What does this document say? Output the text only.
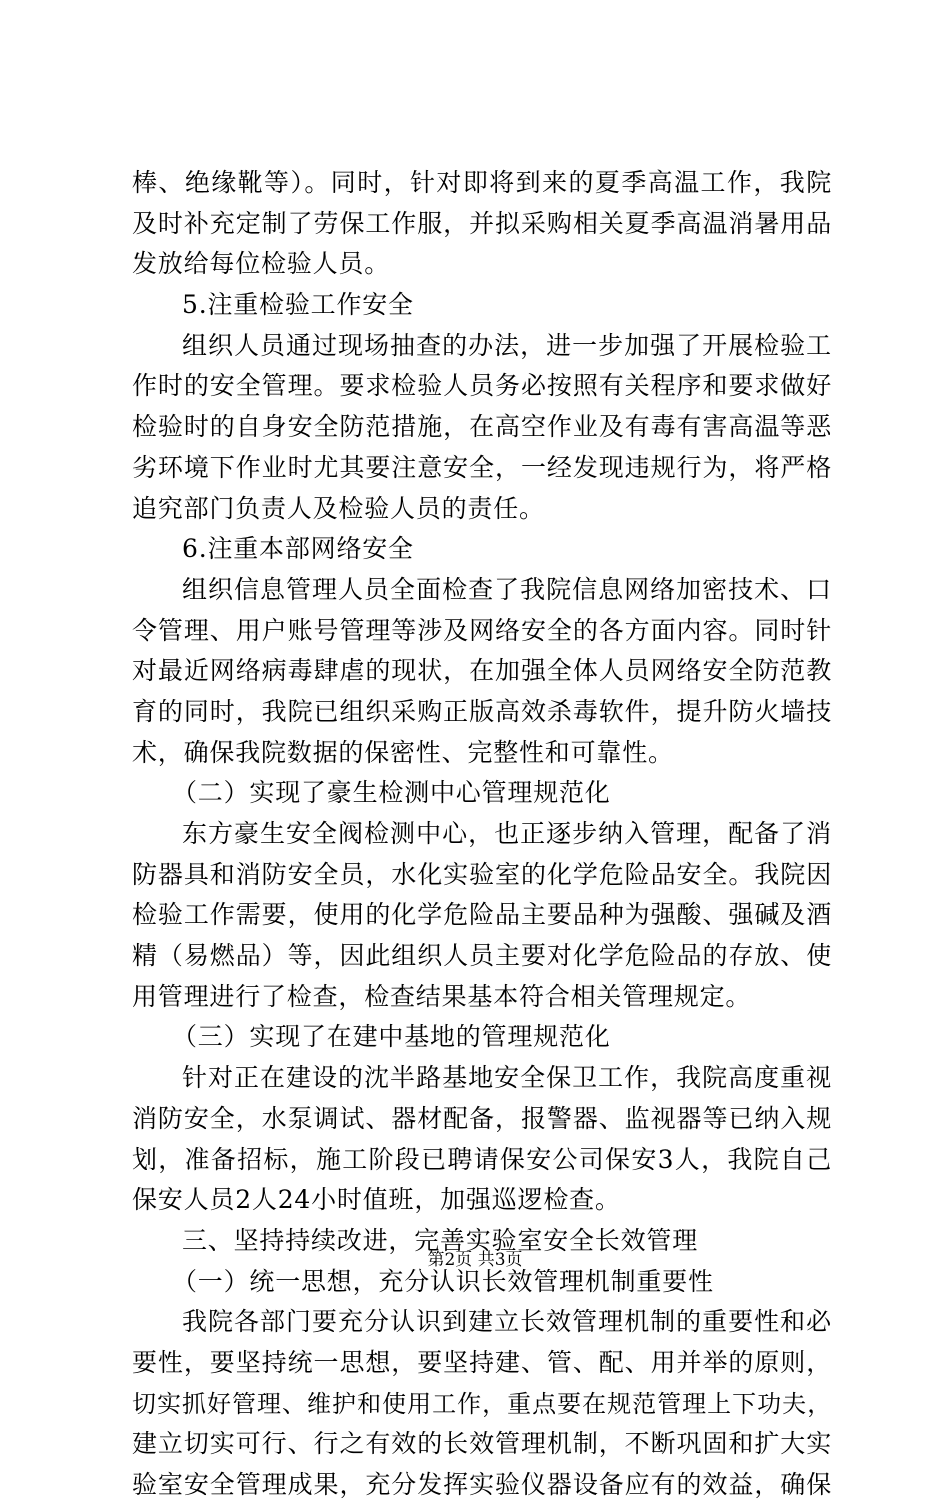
棒、绝缘靴等）。同时，针对即将到来的夏季高温工作，我院
及时补充定制了劳保工作服，并拟采购相关夏季高温消暑用品
发放给每位检验人员。
5.注重检验工作安全
组织人员通过现场抽查的办法，进一步加强了开展检验工
作时的安全管理。要求检验人员务必按照有关程序和要求做好
检验时的自身安全防范措施，在高空作业及有毒有害高温等恶
劣环境下作业时尤其要注意安全，一经发现违规行为，将严格
追究部门负责人及检验人员的责任。
6.注重本部网络安全
组织信息管理人员全面检查了我院信息网络加密技术、口
令管理、用户账号管理等涉及网络安全的各方面内容。同时针
对最近网络病毒肆虐的现状，在加强全体人员网络安全防范教
育的同时，我院已组织采购正版高效杀毒软件，提升防火墙技
术，确保我院数据的保密性、完整性和可靠性。
（二）实现了豪生检测中心管理规范化
东方豪生安全阀检测中心，也正逐步纳入管理，配备了消
防器具和消防安全员，水化实验室的化学危险品安全。我院因
检验工作需要，使用的化学危险品主要品种为强酸、强碱及酒
精（易燃品）等，因此组织人员主要对化学危险品的存放、使
用管理进行了检查，检查结果基本符合相关管理规定。
（三）实现了在建中基地的管理规范化
针对正在建设的沈半路基地安全保卫工作，我院高度重视
消防安全，水泵调试、器材配备，报警器、监视器等已纳入规
划，准备招标，施工阶段已聘请保安公司保安3人，我院自己
保安人员2人24小时值班，加强巡逻检查。
三、坚持持续改进，完善实验室安全长效管理
（一）统一思想，充分认识长效管理机制重要性
我院各部门要充分认识到建立长效管理机制的重要性和必
要性，要坚持统一思想，要坚持建、管、配、用并举的原则，
切实抓好管理、维护和使用工作，重点要在规范管理上下功夫，
建立切实可行、行之有效的长效管理机制，不断巩固和扩大实
验室安全管理成果，充分发挥实验仪器设备应有的效益，确保
第2页 共3页
